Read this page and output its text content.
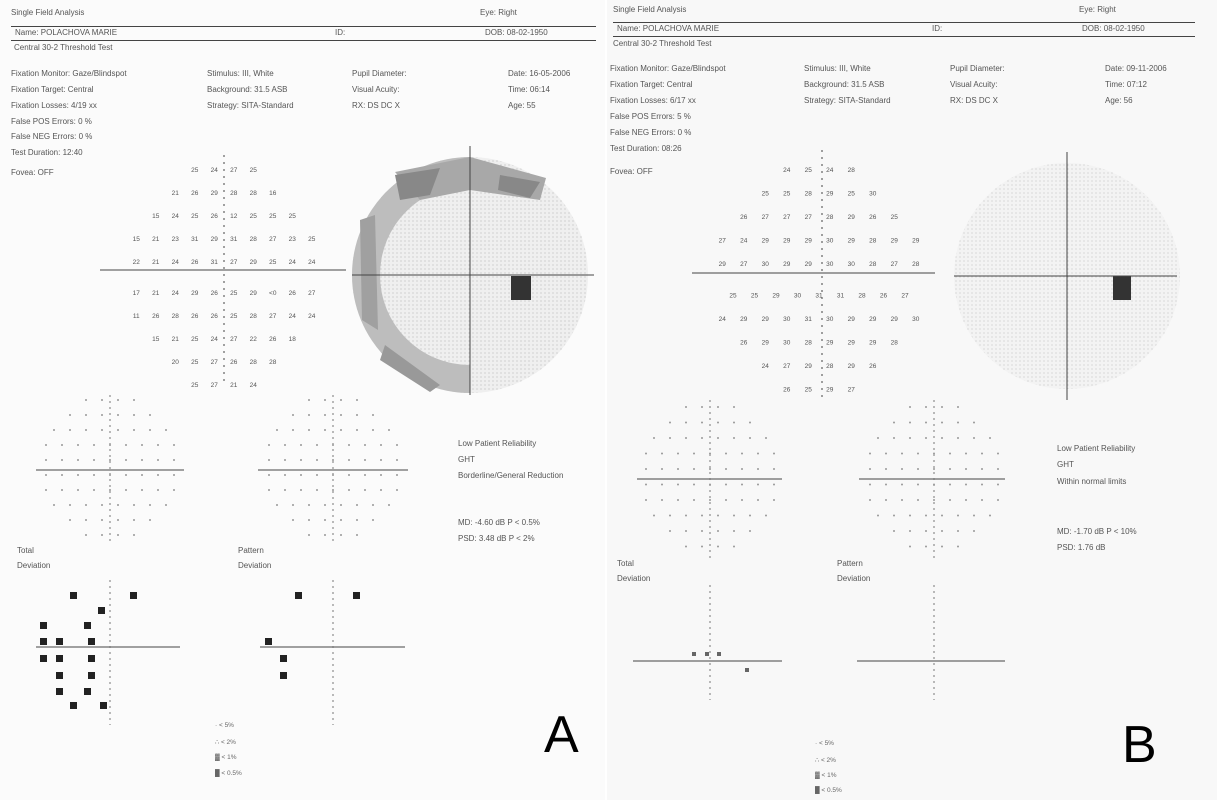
Single Field Analysis	Eye: Right
Name: POLACHOVA MARIE	ID:	DOB: 08-02-1950
Central 30-2 Threshold Test
Fixation Monitor: Gaze/Blindspot
Fixation Target: Central
Fixation Losses: 4/19 xx
False POS Errors: 0 %
False NEG Errors: 0 %
Test Duration: 12:40
Fovea: OFF
Stimulus: III, White
Background: 31.5 ASB
Strategy: SITA-Standard
Pupil Diameter:
Visual Acuity:
RX: DS DC X
Date: 16-05-2006
Time: 06:14
Age: 55
25 24 27 25
21 26 29 28 28 16
15 24 25 26 12 25 25 25
15 21 23 31 29 31 28 27 23 25
22 21 24 26 31 27 29 25 24 24
17 21 24 29 26 25 29 <0 26 27
11 26 28 26 26 25 28 27 24 24
15 21 25 24 27 22 26 18
20 25 27 26 28 28
25 27 21 24
Low Patient Reliability
GHT
Borderline/General Reduction
MD: -4.60 dB P < 0.5%
PSD: 3.48 dB P < 2%
Total
Deviation
Pattern
Deviation
· < 5%
∴ < 2%
▓ < 1%
█ < 0.5%
A
Single Field Analysis	Eye: Right
Name: POLACHOVA MARIE	ID:	DOB: 08-02-1950
Central 30-2 Threshold Test
Fixation Monitor: Gaze/Blindspot
Fixation Target: Central
Fixation Losses: 6/17 xx
False POS Errors: 5 %
False NEG Errors: 0 %
Test Duration: 08:26
Fovea: OFF
Stimulus: III, White
Background: 31.5 ASB
Strategy: SITA-Standard
Pupil Diameter:
Visual Acuity:
RX: DS DC X
Date: 09-11-2006
Time: 07:12
Age: 56
24 25 24 28
25 25 28 29 25 30
26 27 27 27 28 29 26 25
27 24 29 29 29 30 29 28 29 29
29 27 30 29 29 30 30 28 27 28
25 25 29 30 31 31 28 26 27
24 29 29 30 31 30 29 29 29 30
26 29 30 28 29 29 29 28
24 27 29 28 29 26
26 25 29 27
Low Patient Reliability
GHT
Within normal limits
MD: -1.70 dB P < 10%
PSD: 1.76 dB
Total
Deviation
Pattern
Deviation
· < 5%
∴ < 2%
▓ < 1%
█ < 0.5%
B
